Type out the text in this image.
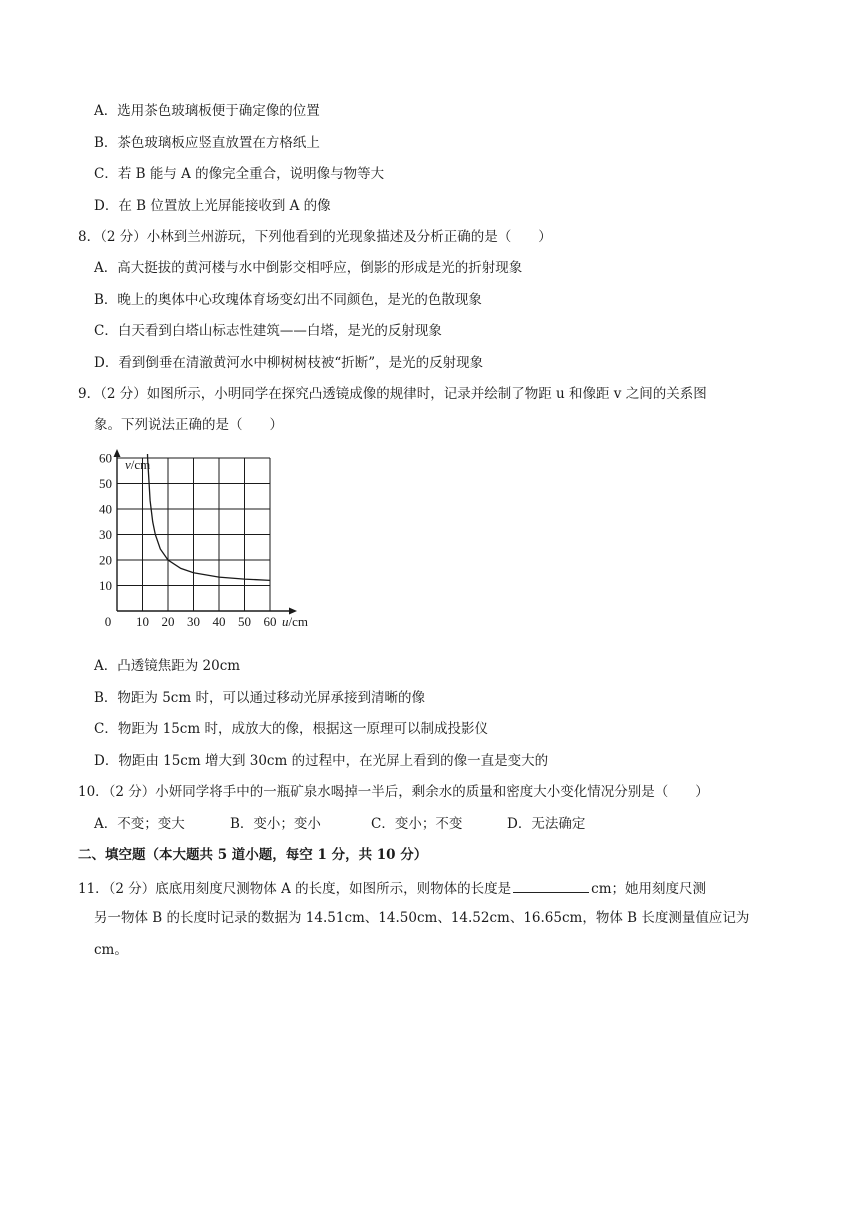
A．选用茶色玻璃板便于确定像的位置
B．茶色玻璃板应竖直放置在方格纸上
C．若 B 能与 A 的像完全重合，说明像与物等大
D．在 B 位置放上光屏能接收到 A 的像
8．（2 分）小林到兰州游玩，下列他看到的光现象描述及分析正确的是（　　）
A．高大挺拔的黄河楼与水中倒影交相呼应，倒影的形成是光的折射现象
B．晚上的奥体中心玫瑰体育场变幻出不同颜色，是光的色散现象
C．白天看到白塔山标志性建筑——白塔，是光的反射现象
D．看到倒垂在清澈黄河水中柳树树枝被“折断”，是光的反射现象
9．（2 分）如图所示，小明同学在探究凸透镜成像的规律时，记录并绘制了物距 u 和像距 v 之间的关系图
象。下列说法正确的是（　　）
10
20
30
40
50
60
0 10 20 30 40 50 60
v/cm
u/cm
A．凸透镜焦距为 20cm
B．物距为 5cm 时，可以通过移动光屏承接到清晰的像
C．物距为 15cm 时，成放大的像，根据这一原理可以制成投影仪
D．物距由 15cm 增大到 30cm 的过程中，在光屏上看到的像一直是变大的
10．（2 分）小妍同学将手中的一瓶矿泉水喝掉一半后，剩余水的质量和密度大小变化情况分别是（　　）
A．不变；变大	B．变小；变小	C．变小；不变	D．无法确定
二、填空题（本大题共 5 道小题，每空 1 分，共 10 分）
11．（2 分）底底用刻度尺测物体 A 的长度，如图所示，则物体的长度是	cm；她用刻度尺测
另一物体 B 的长度时记录的数据为 14.51cm、14.50cm、14.52cm、16.65cm，物体 B 长度测量值应记为
cm。
